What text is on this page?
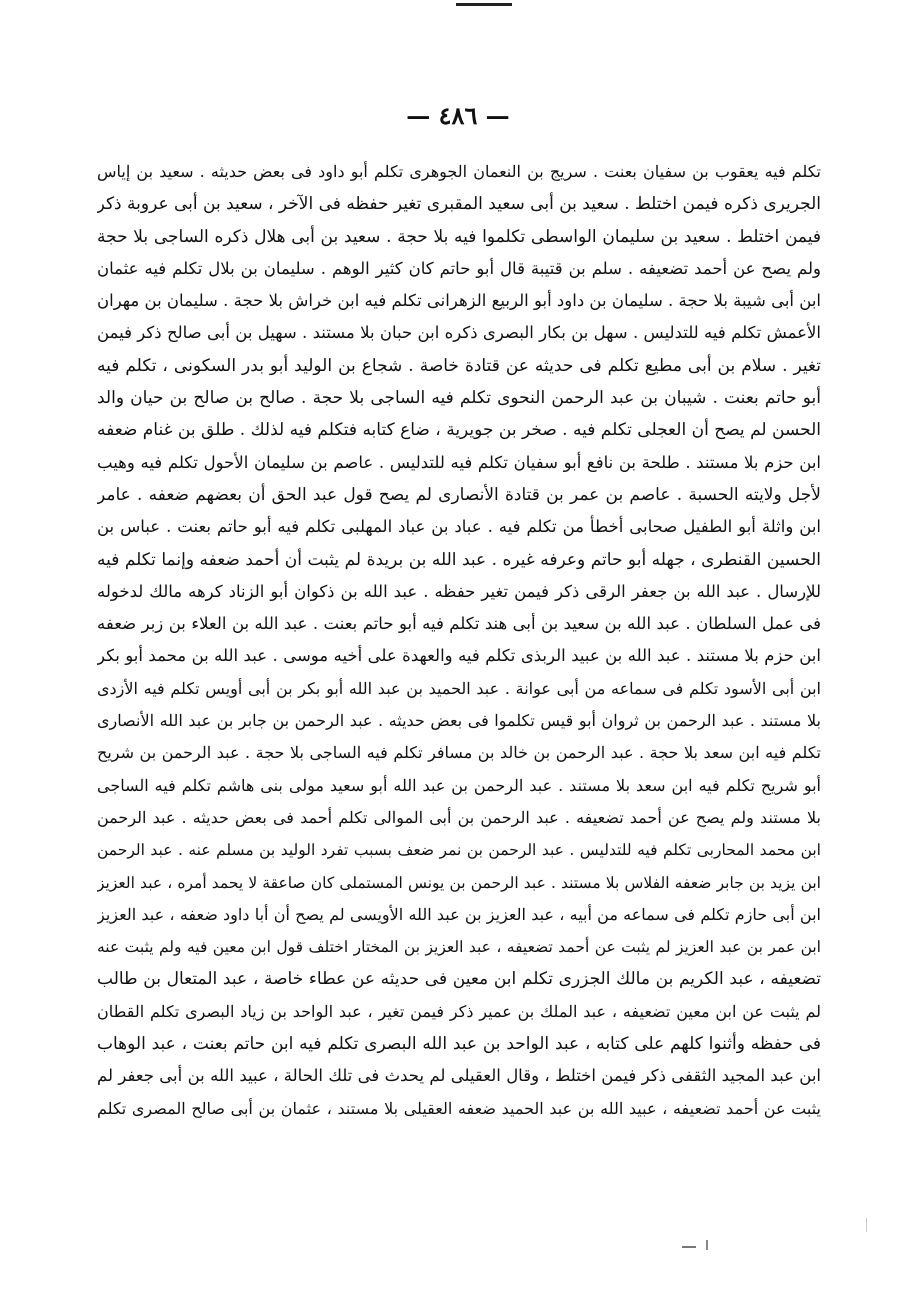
— ٤٨٦ —
تكلم فيه يعقوب بن سفيان بعنت . سريج بن النعمان الجوهرى تكلم أبو داود فى بعض حديثه . سعيد بن إياس
الجريرى ذكره فيمن اختلط . سعيد بن أبى سعيد المقبرى تغير حفظه فى الآخر ، سعيد بن أبى عروبة ذكر
فيمن اختلط . سعيد بن سليمان الواسطى تكلموا فيه بلا حجة . سعيد بن أبى هلال ذكره الساجى بلا حجة
ولم يصح عن أحمد تضعيفه . سلم بن قتيبة قال أبو حاتم كان كثير الوهم . سليمان بن بلال تكلم فيه عثمان
ابن أبى شيبة بلا حجة . سليمان بن داود أبو الربيع الزهرانى تكلم فيه ابن خراش بلا حجة . سليمان بن مهران
الأعمش تكلم فيه للتدليس . سهل بن بكار البصرى ذكره ابن حبان بلا مستند . سهيل بن أبى صالح ذكر فيمن
تغير . سلام بن أبى مطيع تكلم فى حديثه عن قتادة خاصة . شجاع بن الوليد أبو بدر السكونى ، تكلم فيه
أبو حاتم بعنت . شيبان بن عبد الرحمن النحوى تكلم فيه الساجى بلا حجة . صالح بن صالح بن حيان والد
الحسن لم يصح أن العجلى تكلم فيه . صخر بن جويرية ، ضاع كتابه فتكلم فيه لذلك . طلق بن غنام ضعفه
ابن حزم بلا مستند . طلحة بن نافع أبو سفيان تكلم فيه للتدليس . عاصم بن سليمان الأحول تكلم فيه وهيب
لأجل ولايته الحسبة . عاصم بن عمر بن قتادة الأنصارى لم يصح قول عبد الحق أن بعضهم ضعفه . عامر
ابن واثلة أبو الطفيل صحابى أخطأ من تكلم فيه . عباد بن عباد المهلبى تكلم فيه أبو حاتم بعنت . عباس بن
الحسين القنطرى ، جهله أبو حاتم وعرفه غيره . عبد الله بن بريدة لم يثبت أن أحمد ضعفه وإنما تكلم فيه
للإرسال . عبد الله بن جعفر الرقى ذكر فيمن تغير حفظه . عبد الله بن ذكوان أبو الزناد كرهه مالك لدخوله
فى عمل السلطان . عبد الله بن سعيد بن أبى هند تكلم فيه أبو حاتم بعنت . عبد الله بن العلاء بن زبر ضعفه
ابن حزم بلا مستند . عبد الله بن عبيد الربذى تكلم فيه والعهدة على أخيه موسى . عبد الله بن محمد أبو بكر
ابن أبى الأسود تكلم فى سماعه من أبى عوانة . عبد الحميد بن عبد الله أبو بكر بن أبى أويس تكلم فيه الأزدى
بلا مستند . عبد الرحمن بن ثروان أبو قيس تكلموا فى بعض حديثه . عبد الرحمن بن جابر بن عبد الله الأنصارى
تكلم فيه ابن سعد بلا حجة . عبد الرحمن بن خالد بن مسافر تكلم فيه الساجى بلا حجة . عبد الرحمن بن شريح
أبو شريح تكلم فيه ابن سعد بلا مستند . عبد الرحمن بن عبد الله أبو سعيد مولى بنى هاشم تكلم فيه الساجى
بلا مستند ولم يصح عن أحمد تضعيفه . عبد الرحمن بن أبى الموالى تكلم أحمد فى بعض حديثه . عبد الرحمن
ابن محمد المحاربى تكلم فيه للتدليس . عبد الرحمن بن نمر ضعف بسبب تفرد الوليد بن مسلم عنه . عبد الرحمن
ابن يزيد بن جابر ضعفه الفلاس بلا مستند . عبد الرحمن بن يونس المستملى كان صاعقة لا يحمد أمره ، عبد العزيز
ابن أبى حازم تكلم فى سماعه من أبيه ، عبد العزيز بن عبد الله الأويسى لم يصح أن أبا داود ضعفه ، عبد العزيز
ابن عمر بن عبد العزيز لم يثبت عن أحمد تضعيفه ، عبد العزيز بن المختار اختلف قول ابن معين فيه ولم يثبت عنه
تضعيفه ، عبد الكريم بن مالك الجزرى تكلم ابن معين فى حديثه عن عطاء خاصة ، عبد المتعال بن طالب
لم يثبت عن ابن معين تضعيفه ، عبد الملك بن عمير ذكر فيمن تغير ، عبد الواحد بن زياد البصرى تكلم القطان
فى حفظه وأثنوا كلهم على كتابه ، عبد الواحد بن عبد الله البصرى تكلم فيه ابن حاتم بعنت ، عبد الوهاب
ابن عبد المجيد الثقفى ذكر فيمن اختلط ، وقال العقيلى لم يحدث فى تلك الحالة ، عبيد الله بن أبى جعفر لم
يثبت عن أحمد تضعيفه ، عبيد الله بن عبد الحميد ضعفه العقيلى بلا مستند ، عثمان بن أبى صالح المصرى تكلم
